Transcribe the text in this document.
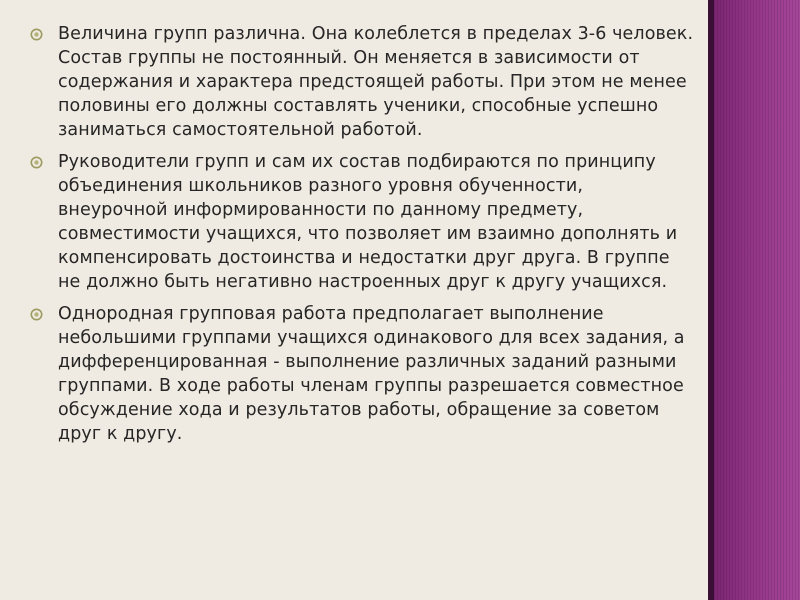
Величина групп различна. Она колеблется в пределах 3-6 человек. Состав группы не постоянный. Он меняется в зависимости от содержания и характера предстоящей работы. При этом не менее половины его должны составлять ученики, способные успешно заниматься самостоятельной работой.
Руководители групп и сам их состав подбираются по принципу объединения школьников разного уровня обученности, внеурочной информированности по данному предмету, совместимости учащихся, что позволяет им взаимно дополнять и компенсировать достоинства и недостатки друг друга. В группе не должно быть негативно настроенных друг к другу учащихся.
Однородная групповая работа предполагает выполнение небольшими группами учащихся одинакового для всех задания, а дифференцированная - выполнение различных заданий разными группами. В ходе работы членам группы разрешается совместное обсуждение хода и результатов работы, обращение за советом друг к другу.
